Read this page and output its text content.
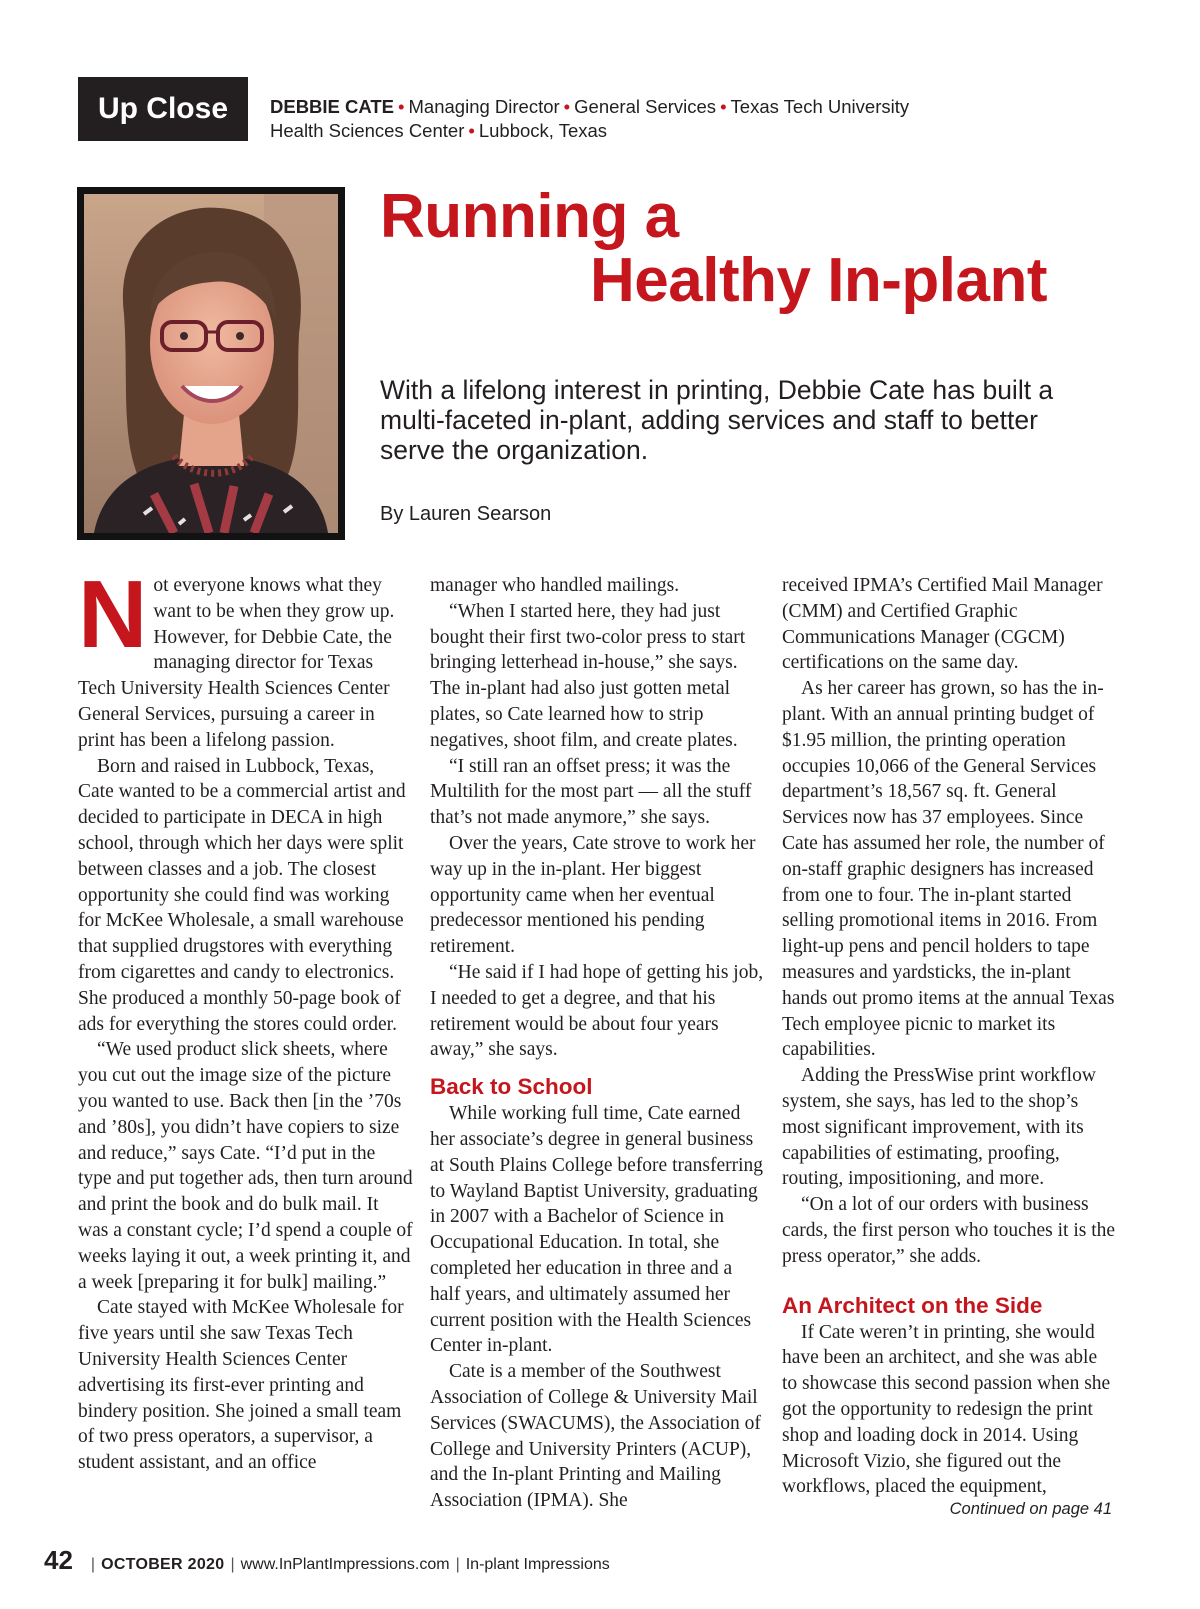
Up Close DEBBIE CATE • Managing Director • General Services • Texas Tech University
Health Sciences Center • Lubbock, Texas
Running a
Healthy In-plant
With a lifelong interest in printing, Debbie Cate has built a multi-faceted in-plant, adding services and staff to better serve the organization.
By Lauren Searson

Not everyone knows what they want to be when they grow up. However, for Debbie Cate, the managing director for Texas Tech University Health Sciences Center General Services, pursuing a career in print has been a lifelong passion.

Born and raised in Lubbock, Texas, Cate wanted to be a commercial artist and decided to participate in DECA in high school, through which her days were split between classes and a job. The closest opportunity she could find was working for McKee Wholesale, a small warehouse that supplied drugstores with everything from cigarettes and candy to electronics. She produced a monthly 50-page book of ads for everything the stores could order.

“We used product slick sheets, where you cut out the image size of the picture you wanted to use. Back then [in the ’70s and ’80s], you didn’t have copiers to size and reduce,” says Cate. “I’d put in the type and put together ads, then turn around and print the book and do bulk mail. It was a constant cycle; I’d spend a couple of weeks laying it out, a week printing it, and a week [preparing it for bulk] mailing.”

Cate stayed with McKee Wholesale for five years until she saw Texas Tech University Health Sciences Center advertising its first-ever printing and bindery position. She joined a small team of two press operators, a supervisor, a student assistant, and an office

manager who handled mailings.

“When I started here, they had just bought their first two-color press to start bringing letterhead in-house,” she says. The in-plant had also just gotten metal plates, so Cate learned how to strip negatives, shoot film, and create plates.

“I still ran an offset press; it was the Multilith for the most part — all the stuff that’s not made anymore,” she says.

Over the years, Cate strove to work her way up in the in-plant. Her biggest opportunity came when her eventual predecessor mentioned his pending retirement.

“He said if I had hope of getting his job, I needed to get a degree, and that his retirement would be about four years away,” she says.

Back to School

While working full time, Cate earned her associate’s degree in general business at South Plains College before transferring to Wayland Baptist University, graduating in 2007 with a Bachelor of Science in Occupational Education. In total, she completed her education in three and a half years, and ultimately assumed her current position with the Health Sciences Center in-plant.

Cate is a member of the Southwest Association of College & University Mail Services (SWACUMS), the Association of College and University Printers (ACUP), and the In-plant Printing and Mailing Association (IPMA). She

received IPMA’s Certified Mail Manager (CMM) and Certified Graphic Communications Manager (CGCM) certifications on the same day.

As her career has grown, so has the in-plant. With an annual printing budget of $1.95 million, the printing operation occupies 10,066 of the General Services department’s 18,567 sq. ft. General Services now has 37 employees. Since Cate has assumed her role, the number of on-staff graphic designers has increased from one to four. The in-plant started selling promotional items in 2016. From light-up pens and pencil holders to tape measures and yardsticks, the in-plant hands out promo items at the annual Texas Tech employee picnic to market its capabilities.

Adding the PressWise print workflow system, she says, has led to the shop’s most significant improvement, with its capabilities of estimating, proofing, routing, impositioning, and more.

“On a lot of our orders with business cards, the first person who touches it is the press operator,” she adds.

An Architect on the Side

If Cate weren’t in printing, she would have been an architect, and she was able to showcase this second passion when she got the opportunity to redesign the print shop and loading dock in 2014. Using Microsoft Vizio, she figured out the workflows, placed the equipment,

Continued on page 41
42	| OCTOBER 2020 | www.InPlantImpressions.com | In-plant Impressions
